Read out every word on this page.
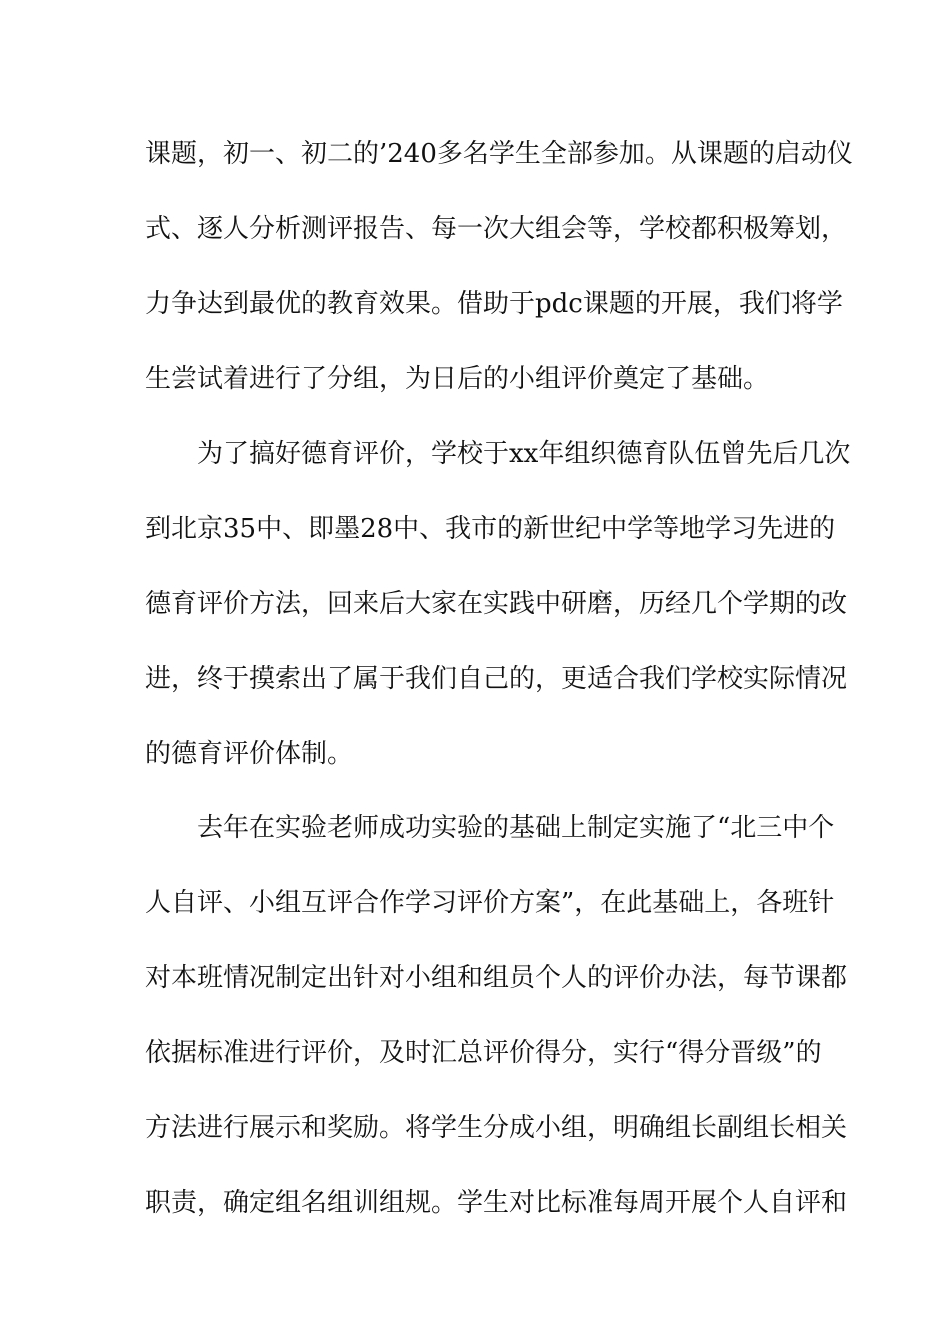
课题，初一、初二的’240多名学生全部参加。从课题的启动仪
式、逐人分析测评报告、每一次大组会等，学校都积极筹划，
力争达到最优的教育效果。借助于pdc课题的开展，我们将学
生尝试着进行了分组，为日后的小组评价奠定了基础。
为了搞好德育评价，学校于xx年组织德育队伍曾先后几次
到北京35中、即墨28中、我市的新世纪中学等地学习先进的
德育评价方法，回来后大家在实践中研磨，历经几个学期的改
进，终于摸索出了属于我们自己的，更适合我们学校实际情况
的德育评价体制。
去年在实验老师成功实验的基础上制定实施了“北三中个
人自评、小组互评合作学习评价方案”，在此基础上，各班针
对本班情况制定出针对小组和组员个人的评价办法，每节课都
依据标准进行评价，及时汇总评价得分，实行“得分晋级”的
方法进行展示和奖励。将学生分成小组，明确组长副组长相关
职责，确定组名组训组规。学生对比标准每周开展个人自评和
